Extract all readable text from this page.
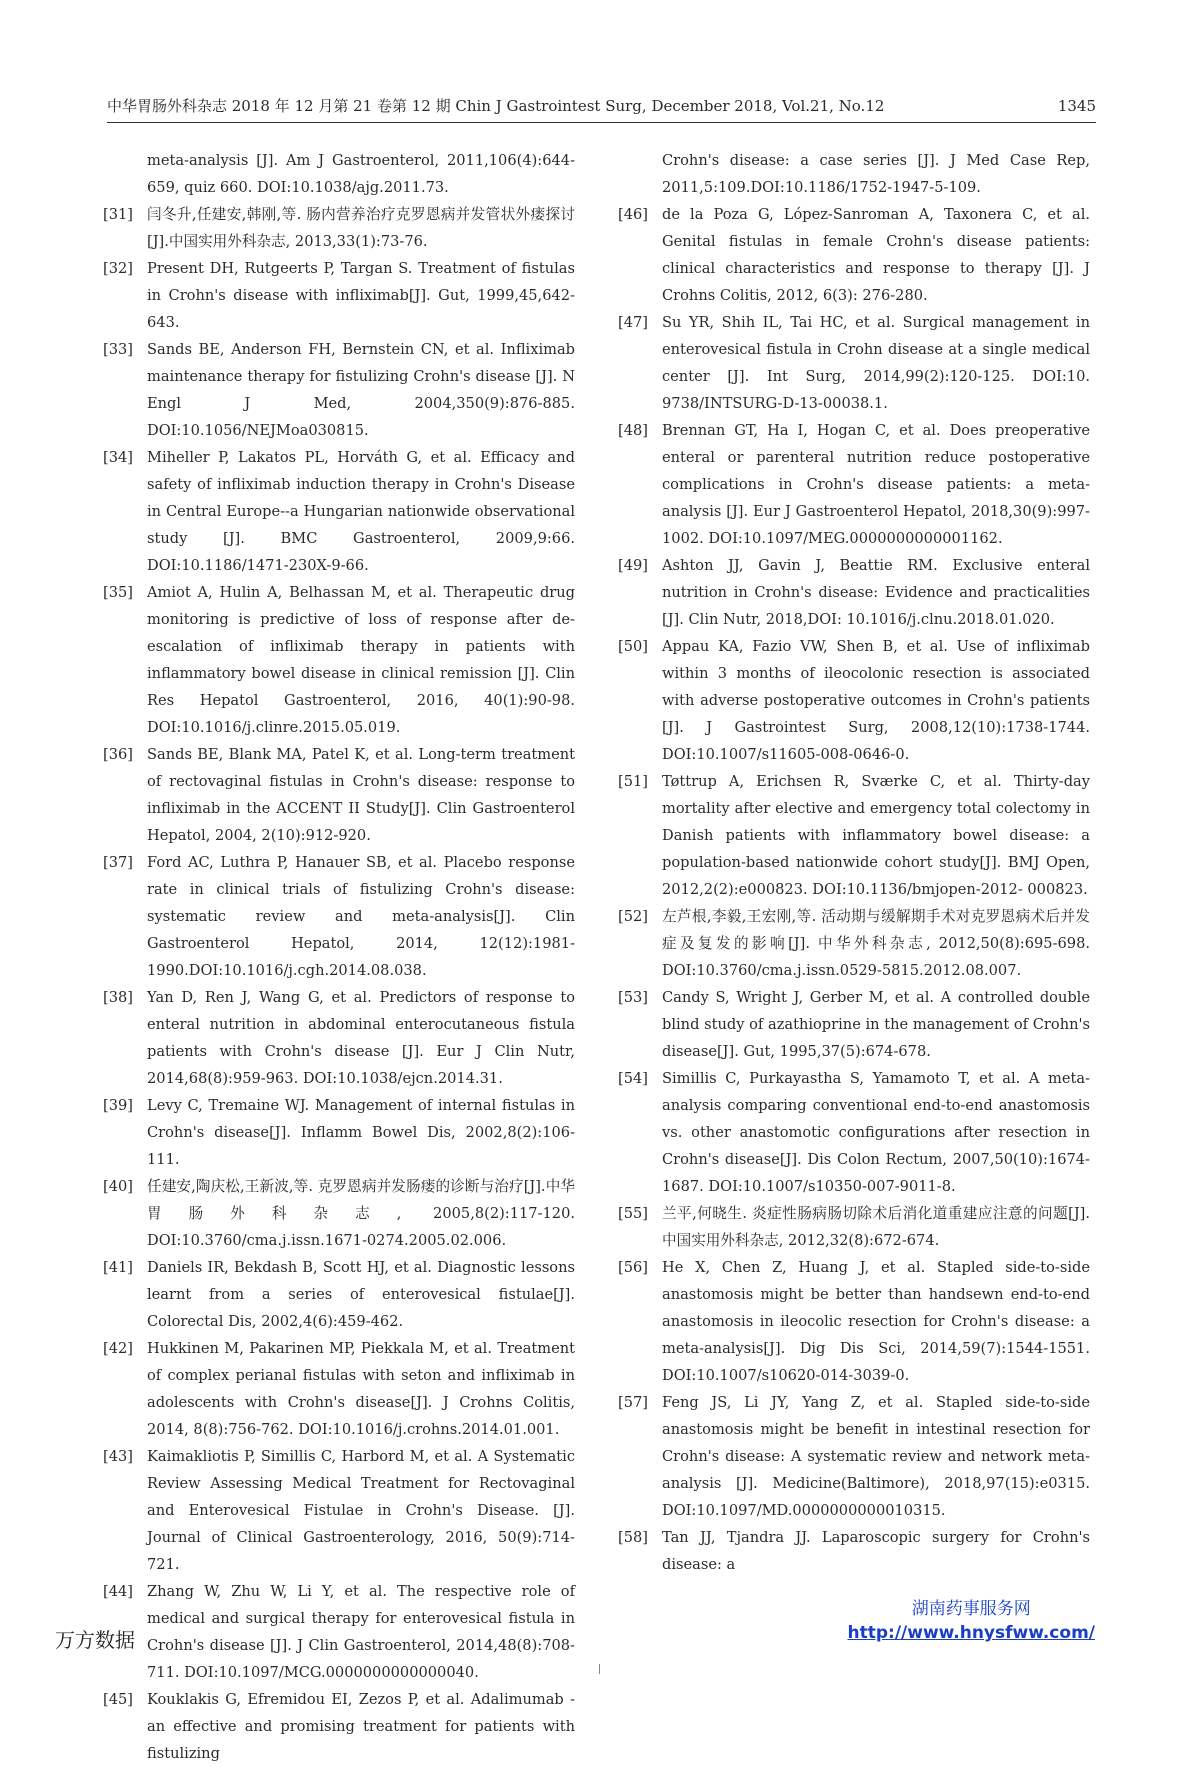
中华胃肠外科杂志 2018 年 12 月第 21 卷第 12 期 Chin J Gastrointest Surg, December 2018, Vol.21, No.12	1345
meta-analysis [J]. Am J Gastroenterol, 2011,106(4):644-659, quiz 660. DOI:10.1038/ajg.2011.73.
[31] 闫冬升,任建安,韩刚,等. 肠内营养治疗克罗恩病并发管状外瘘探讨[J].中国实用外科杂志, 2013,33(1):73-76.
[32] Present DH, Rutgeerts P, Targan S. Treatment of fistulas in Crohn's disease with infliximab[J]. Gut, 1999,45,642-643.
[33] Sands BE, Anderson FH, Bernstein CN, et al. Infliximab maintenance therapy for fistulizing Crohn's disease [J]. N Engl J Med, 2004,350(9):876-885. DOI:10.1056/NEJMoa030815.
[34] Miheller P, Lakatos PL, Horváth G, et al. Efficacy and safety of infliximab induction therapy in Crohn's Disease in Central Europe--a Hungarian nationwide observational study [J]. BMC Gastroenterol, 2009,9:66. DOI:10.1186/1471-230X-9-66.
[35] Amiot A, Hulin A, Belhassan M, et al. Therapeutic drug monitoring is predictive of loss of response after de-escalation of infliximab therapy in patients with inflammatory bowel disease in clinical remission [J]. Clin Res Hepatol Gastroenterol, 2016, 40(1):90-98. DOI:10.1016/j.clinre.2015.05.019.
[36] Sands BE, Blank MA, Patel K, et al. Long-term treatment of rectovaginal fistulas in Crohn's disease: response to infliximab in the ACCENT II Study[J]. Clin Gastroenterol Hepatol, 2004, 2(10):912-920.
[37] Ford AC, Luthra P, Hanauer SB, et al. Placebo response rate in clinical trials of fistulizing Crohn's disease: systematic review and meta-analysis[J]. Clin Gastroenterol Hepatol, 2014, 12(12):1981-1990.DOI:10.1016/j.cgh.2014.08.038.
[38] Yan D, Ren J, Wang G, et al. Predictors of response to enteral nutrition in abdominal enterocutaneous fistula patients with Crohn's disease [J]. Eur J Clin Nutr, 2014,68(8):959-963. DOI:10.1038/ejcn.2014.31.
[39] Levy C, Tremaine WJ. Management of internal fistulas in Crohn's disease[J]. Inflamm Bowel Dis, 2002,8(2):106-111.
[40] 任建安,陶庆松,王新波,等. 克罗恩病并发肠瘘的诊断与治疗[J].中华胃肠外科杂志, 2005,8(2):117-120. DOI:10.3760/cma.j.issn.1671-0274.2005.02.006.
[41] Daniels IR, Bekdash B, Scott HJ, et al. Diagnostic lessons learnt from a series of enterovesical fistulae[J]. Colorectal Dis, 2002,4(6):459-462.
[42] Hukkinen M, Pakarinen MP, Piekkala M, et al. Treatment of complex perianal fistulas with seton and infliximab in adolescents with Crohn's disease[J]. J Crohns Colitis, 2014, 8(8):756-762. DOI:10.1016/j.crohns.2014.01.001.
[43] Kaimakliotis P, Simillis C, Harbord M, et al. A Systematic Review Assessing Medical Treatment for Rectovaginal and Enterovesical Fistulae in Crohn's Disease. [J]. Journal of Clinical Gastroenterology, 2016, 50(9):714-721.
[44] Zhang W, Zhu W, Li Y, et al. The respective role of medical and surgical therapy for enterovesical fistula in Crohn's disease [J]. J Clin Gastroenterol, 2014,48(8):708-711. DOI:10.1097/MCG.0000000000000040.
[45] Kouklakis G, Efremidou EI, Zezos P, et al. Adalimumab - an effective and promising treatment for patients with fistulizing
Crohn's disease: a case series [J]. J Med Case Rep, 2011,5:109.DOI:10.1186/1752-1947-5-109.
[46] de la Poza G, López-Sanroman A, Taxonera C, et al. Genital fistulas in female Crohn's disease patients: clinical characteristics and response to therapy [J]. J Crohns Colitis, 2012, 6(3): 276-280.
[47] Su YR, Shih IL, Tai HC, et al. Surgical management in enterovesical fistula in Crohn disease at a single medical center [J]. Int Surg, 2014,99(2):120-125. DOI:10. 9738/INTSURG-D-13-00038.1.
[48] Brennan GT, Ha I, Hogan C, et al. Does preoperative enteral or parenteral nutrition reduce postoperative complications in Crohn's disease patients: a meta-analysis [J]. Eur J Gastroenterol Hepatol, 2018,30(9):997-1002. DOI:10.1097/MEG.0000000000001162.
[49] Ashton JJ, Gavin J, Beattie RM. Exclusive enteral nutrition in Crohn's disease: Evidence and practicalities [J]. Clin Nutr, 2018,DOI: 10.1016/j.clnu.2018.01.020.
[50] Appau KA, Fazio VW, Shen B, et al. Use of infliximab within 3 months of ileocolonic resection is associated with adverse postoperative outcomes in Crohn's patients [J]. J Gastrointest Surg, 2008,12(10):1738-1744. DOI:10.1007/s11605-008-0646-0.
[51] Tøttrup A, Erichsen R, Sværke C, et al. Thirty-day mortality after elective and emergency total colectomy in Danish patients with inflammatory bowel disease: a population-based nationwide cohort study[J]. BMJ Open, 2012,2(2):e000823. DOI:10.1136/bmjopen-2012- 000823.
[52] 左芦根,李毅,王宏刚,等. 活动期与缓解期手术对克罗恩病术后并发症及复发的影响[J]. 中华外科杂志, 2012,50(8):695-698. DOI:10.3760/cma.j.issn.0529-5815.2012.08.007.
[53] Candy S, Wright J, Gerber M, et al. A controlled double blind study of azathioprine in the management of Crohn's disease[J]. Gut, 1995,37(5):674-678.
[54] Simillis C, Purkayastha S, Yamamoto T, et al. A meta-analysis comparing conventional end-to-end anastomosis vs. other anastomotic configurations after resection in Crohn's disease[J]. Dis Colon Rectum, 2007,50(10):1674-1687. DOI:10.1007/s10350-007-9011-8.
[55] 兰平,何晓生. 炎症性肠病肠切除术后消化道重建应注意的问题[J]. 中国实用外科杂志, 2012,32(8):672-674.
[56] He X, Chen Z, Huang J, et al. Stapled side-to-side anastomosis might be better than handsewn end-to-end anastomosis in ileocolic resection for Crohn's disease: a meta-analysis[J]. Dig Dis Sci, 2014,59(7):1544-1551. DOI:10.1007/s10620-014-3039-0.
[57] Feng JS, Li JY, Yang Z, et al. Stapled side-to-side anastomosis might be benefit in intestinal resection for Crohn's disease: A systematic review and network meta-analysis [J]. Medicine(Baltimore), 2018,97(15):e0315. DOI:10.1097/MD.0000000000010315.
[58] Tan JJ, Tjandra JJ. Laparoscopic surgery for Crohn's disease: a
万方数据
湖南药事服务网
http://www.hnysfww.com/
